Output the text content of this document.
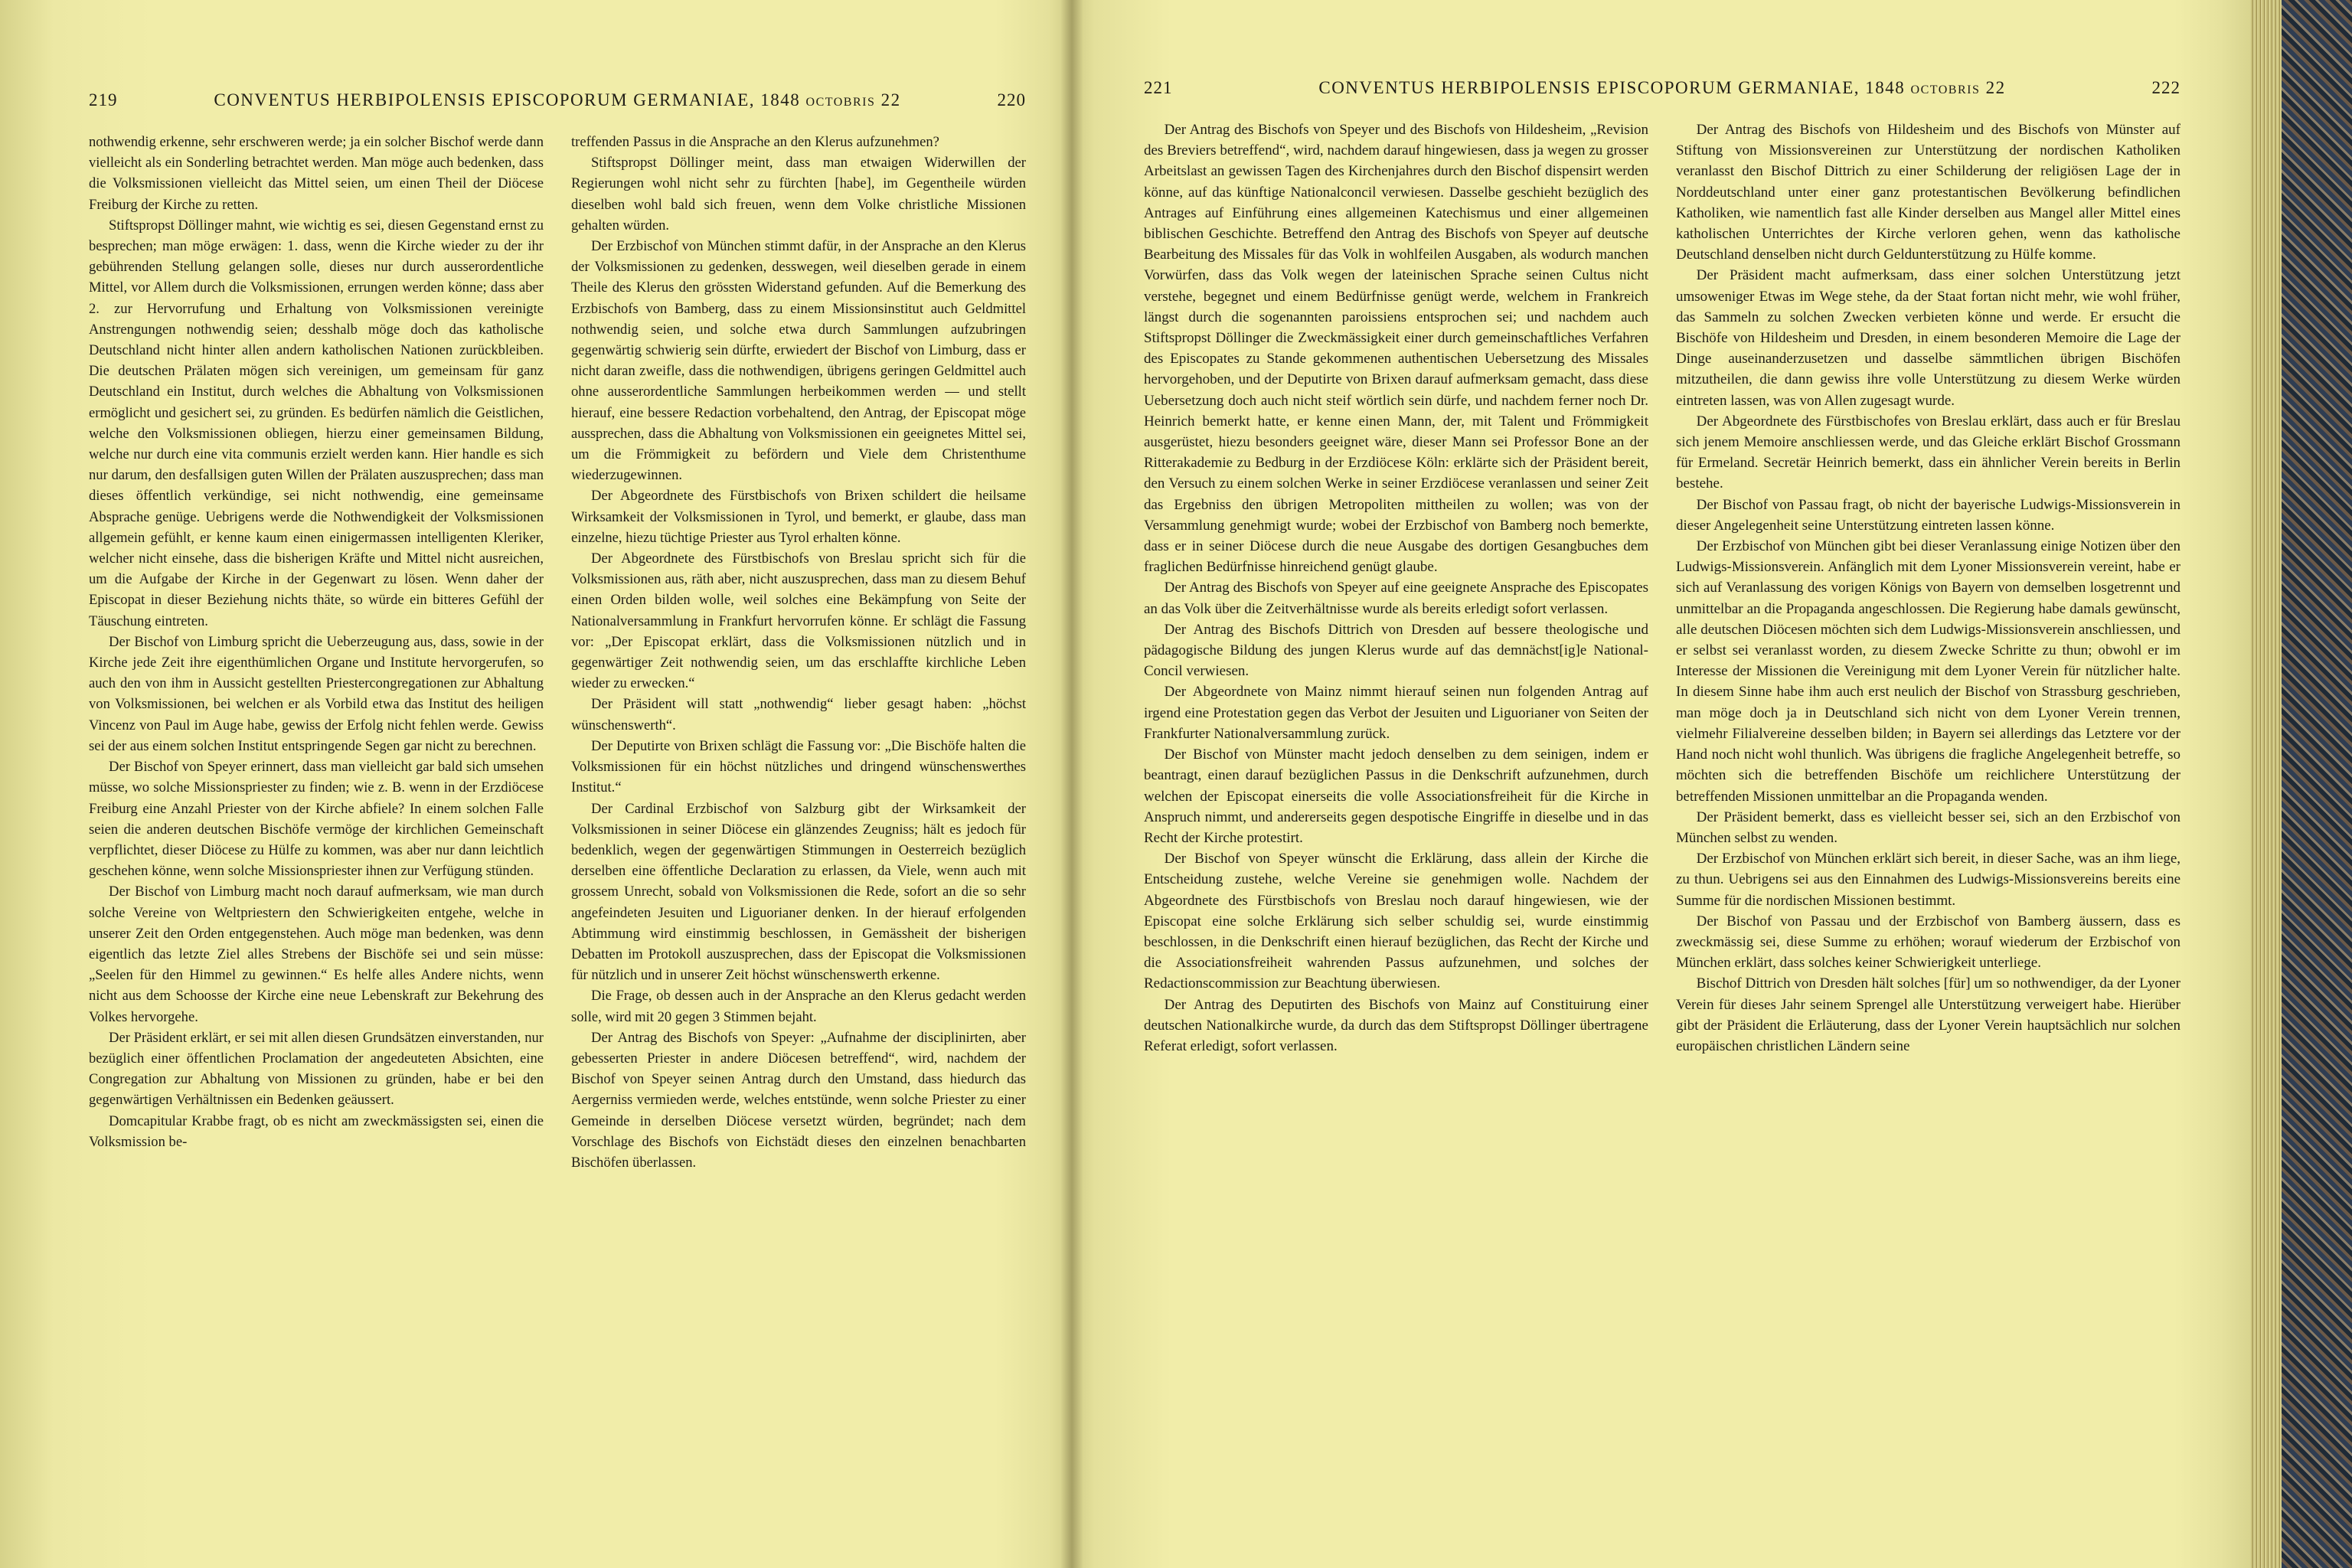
219	CONVENTUS HERBIPOLENSIS EPISCOPORUM GERMANIAE, 1848 octobris 22	220

nothwendig erkenne, sehr erschweren werde; ja ein solcher Bischof werde dann vielleicht als ein Sonderling betrachtet werden. Man möge auch bedenken, dass die Volksmissionen vielleicht das Mittel seien, um einen Theil der Diöcese Freiburg der Kirche zu retten.

Stiftspropst Döllinger mahnt, wie wichtig es sei, diesen Gegenstand ernst zu besprechen; man möge erwägen: 1. dass, wenn die Kirche wieder zu der ihr gebührenden Stellung gelangen solle, dieses nur durch ausserordentliche Mittel, vor Allem durch die Volksmissionen, errungen werden könne; dass aber 2. zur Hervorrufung und Erhaltung von Volksmissionen vereinigte Anstrengungen nothwendig seien; desshalb möge doch das katholische Deutschland nicht hinter allen andern katholischen Nationen zurückbleiben. Die deutschen Prälaten mögen sich vereinigen, um gemeinsam für ganz Deutschland ein Institut, durch welches die Abhaltung von Volksmissionen ermöglicht und gesichert sei, zu gründen. Es bedürfen nämlich die Geistlichen, welche den Volksmissionen obliegen, hierzu einer gemeinsamen Bildung, welche nur durch eine vita communis erzielt werden kann. Hier handle es sich nur darum, den desfallsigen guten Willen der Prälaten auszusprechen; dass man dieses öffentlich verkündige, sei nicht nothwendig, eine gemeinsame Absprache genüge. Uebrigens werde die Nothwendigkeit der Volksmissionen allgemein gefühlt, er kenne kaum einen einigermassen intelligenten Kleriker, welcher nicht einsehe, dass die bisherigen Kräfte und Mittel nicht ausreichen, um die Aufgabe der Kirche in der Gegenwart zu lösen. Wenn daher der Episcopat in dieser Beziehung nichts thäte, so würde ein bitteres Gefühl der Täuschung eintreten.

Der Bischof von Limburg spricht die Ueberzeugung aus, dass, sowie in der Kirche jede Zeit ihre eigenthümlichen Organe und Institute hervorgerufen, so auch den von ihm in Aussicht gestellten Priestercongregationen zur Abhaltung von Volksmissionen, bei welchen er als Vorbild etwa das Institut des heiligen Vincenz von Paul im Auge habe, gewiss der Erfolg nicht fehlen werde. Gewiss sei der aus einem solchen Institut entspringende Segen gar nicht zu berechnen.

Der Bischof von Speyer erinnert, dass man vielleicht gar bald sich umsehen müsse, wo solche Missionspriester zu finden; wie z. B. wenn in der Erzdiöcese Freiburg eine Anzahl Priester von der Kirche abfiele? In einem solchen Falle seien die anderen deutschen Bischöfe vermöge der kirchlichen Gemeinschaft verpflichtet, dieser Diöcese zu Hülfe zu kommen, was aber nur dann leichtlich geschehen könne, wenn solche Missionspriester ihnen zur Verfügung stünden.

Der Bischof von Limburg macht noch darauf aufmerksam, wie man durch solche Vereine von Weltpriestern den Schwierigkeiten entgehe, welche in unserer Zeit den Orden entgegenstehen. Auch möge man bedenken, was denn eigentlich das letzte Ziel alles Strebens der Bischöfe sei und sein müsse: „Seelen für den Himmel zu gewinnen.“ Es helfe alles Andere nichts, wenn nicht aus dem Schoosse der Kirche eine neue Lebenskraft zur Bekehrung des Volkes hervorgehe.

Der Präsident erklärt, er sei mit allen diesen Grundsätzen einverstanden, nur bezüglich einer öffentlichen Proclamation der angedeuteten Absichten, eine Congregation zur Abhaltung von Missionen zu gründen, habe er bei den gegenwärtigen Verhältnissen ein Bedenken geäussert.

Domcapitular Krabbe fragt, ob es nicht am zweckmässigsten sei, einen die Volksmission be-

treffenden Passus in die Ansprache an den Klerus aufzunehmen?

Stiftspropst Döllinger meint, dass man etwaigen Widerwillen der Regierungen wohl nicht sehr zu fürchten [habe], im Gegentheile würden dieselben wohl bald sich freuen, wenn dem Volke christliche Missionen gehalten würden.

Der Erzbischof von München stimmt dafür, in der Ansprache an den Klerus der Volksmissionen zu gedenken, desswegen, weil dieselben gerade in einem Theile des Klerus den grössten Widerstand gefunden. Auf die Bemerkung des Erzbischofs von Bamberg, dass zu einem Missionsinstitut auch Geldmittel nothwendig seien, und solche etwa durch Sammlungen aufzubringen gegenwärtig schwierig sein dürfte, erwiedert der Bischof von Limburg, dass er nicht daran zweifle, dass die nothwendigen, übrigens geringen Geldmittel auch ohne ausserordentliche Sammlungen herbeikommen werden — und stellt hierauf, eine bessere Redaction vorbehaltend, den Antrag, der Episcopat möge aussprechen, dass die Abhaltung von Volksmissionen ein geeignetes Mittel sei, um die Frömmigkeit zu befördern und Viele dem Christenthume wiederzugewinnen.

Der Abgeordnete des Fürstbischofs von Brixen schildert die heilsame Wirksamkeit der Volksmissionen in Tyrol, und bemerkt, er glaube, dass man einzelne, hiezu tüchtige Priester aus Tyrol erhalten könne.

Der Abgeordnete des Fürstbischofs von Breslau spricht sich für die Volksmissionen aus, räth aber, nicht auszusprechen, dass man zu diesem Behuf einen Orden bilden wolle, weil solches eine Bekämpfung von Seite der Nationalversammlung in Frankfurt hervorrufen könne. Er schlägt die Fassung vor: „Der Episcopat erklärt, dass die Volksmissionen nützlich und in gegenwärtiger Zeit nothwendig seien, um das erschlaffte kirchliche Leben wieder zu erwecken.“

Der Präsident will statt „nothwendig“ lieber gesagt haben: „höchst wünschenswerth“.

Der Deputirte von Brixen schlägt die Fassung vor: „Die Bischöfe halten die Volksmissionen für ein höchst nützliches und dringend wünschenswerthes Institut.“

Der Cardinal Erzbischof von Salzburg gibt der Wirksamkeit der Volksmissionen in seiner Diöcese ein glänzendes Zeugniss; hält es jedoch für bedenklich, wegen der gegenwärtigen Stimmungen in Oesterreich bezüglich derselben eine öffentliche Declaration zu erlassen, da Viele, wenn auch mit grossem Unrecht, sobald von Volksmissionen die Rede, sofort an die so sehr angefeindeten Jesuiten und Liguorianer denken. In der hierauf erfolgenden Abtimmung wird einstimmig beschlossen, in Gemässheit der bisherigen Debatten im Protokoll auszusprechen, dass der Episcopat die Volksmissionen für nützlich und in unserer Zeit höchst wünschenswerth erkenne.

Die Frage, ob dessen auch in der Ansprache an den Klerus gedacht werden solle, wird mit 20 gegen 3 Stimmen bejaht.

Der Antrag des Bischofs von Speyer: „Aufnahme der disciplinirten, aber gebesserten Priester in andere Diöcesen betreffend“, wird, nachdem der Bischof von Speyer seinen Antrag durch den Umstand, dass hiedurch das Aergerniss vermieden werde, welches entstünde, wenn solche Priester zu einer Gemeinde in derselben Diöcese versetzt würden, begründet; nach dem Vorschlage des Bischofs von Eichstädt dieses den einzelnen benachbarten Bischöfen überlassen.

221	CONVENTUS HERBIPOLENSIS EPISCOPORUM GERMANIAE, 1848 octobris 22	222

Der Antrag des Bischofs von Speyer und des Bischofs von Hildesheim, „Revision des Breviers betreffend“, wird, nachdem darauf hingewiesen, dass ja wegen zu grosser Arbeitslast an gewissen Tagen des Kirchenjahres durch den Bischof dispensirt werden könne, auf das künftige Nationalconcil verwiesen. Dasselbe geschieht bezüglich des Antrages auf Einführung eines allgemeinen Katechismus und einer allgemeinen biblischen Geschichte. Betreffend den Antrag des Bischofs von Speyer auf deutsche Bearbeitung des Missales für das Volk in wohlfeilen Ausgaben, als wodurch manchen Vorwürfen, dass das Volk wegen der lateinischen Sprache seinen Cultus nicht verstehe, begegnet und einem Bedürfnisse genügt werde, welchem in Frankreich längst durch die sogenannten paroissiens entsprochen sei; und nachdem auch Stiftspropst Döllinger die Zweckmässigkeit einer durch gemeinschaftliches Verfahren des Episcopates zu Stande gekommenen authentischen Uebersetzung des Missales hervorgehoben, und der Deputirte von Brixen darauf aufmerksam gemacht, dass diese Uebersetzung doch auch nicht steif wörtlich sein dürfe, und nachdem ferner noch Dr. Heinrich bemerkt hatte, er kenne einen Mann, der, mit Talent und Frömmigkeit ausgerüstet, hiezu besonders geeignet wäre, dieser Mann sei Professor Bone an der Ritterakademie zu Bedburg in der Erzdiöcese Köln: erklärte sich der Präsident bereit, den Versuch zu einem solchen Werke in seiner Erzdiöcese veranlassen und seiner Zeit das Ergebniss den übrigen Metropoliten mittheilen zu wollen; was von der Versammlung genehmigt wurde; wobei der Erzbischof von Bamberg noch bemerkte, dass er in seiner Diöcese durch die neue Ausgabe des dortigen Gesangbuches dem fraglichen Bedürfnisse hinreichend genügt glaube.

Der Antrag des Bischofs von Speyer auf eine geeignete Ansprache des Episcopates an das Volk über die Zeitverhältnisse wurde als bereits erledigt sofort verlassen.

Der Antrag des Bischofs Dittrich von Dresden auf bessere theologische und pädagogische Bildung des jungen Klerus wurde auf das demnächst[ig]e National-Concil verwiesen.

Der Abgeordnete von Mainz nimmt hierauf seinen nun folgenden Antrag auf irgend eine Protestation gegen das Verbot der Jesuiten und Liguorianer von Seiten der Frankfurter Nationalversammlung zurück.

Der Bischof von Münster macht jedoch denselben zu dem seinigen, indem er beantragt, einen darauf bezüglichen Passus in die Denkschrift aufzunehmen, durch welchen der Episcopat einerseits die volle Associationsfreiheit für die Kirche in Anspruch nimmt, und andererseits gegen despotische Eingriffe in dieselbe und in das Recht der Kirche protestirt.

Der Bischof von Speyer wünscht die Erklärung, dass allein der Kirche die Entscheidung zustehe, welche Vereine sie genehmigen wolle. Nachdem der Abgeordnete des Fürstbischofs von Breslau noch darauf hingewiesen, wie der Episcopat eine solche Erklärung sich selber schuldig sei, wurde einstimmig beschlossen, in die Denkschrift einen hierauf bezüglichen, das Recht der Kirche und die Associationsfreiheit wahrenden Passus aufzunehmen, und solches der Redactionscommission zur Beachtung überwiesen.

Der Antrag des Deputirten des Bischofs von Mainz auf Constituirung einer deutschen Nationalkirche wurde, da durch das dem Stiftspropst Döllinger übertragene Referat erledigt, sofort verlassen.

Der Antrag des Bischofs von Hildesheim und des Bischofs von Münster auf Stiftung von Missionsvereinen zur Unterstützung der nordischen Katholiken veranlasst den Bischof Dittrich zu einer Schilderung der religiösen Lage der in Norddeutschland unter einer ganz protestantischen Bevölkerung befindlichen Katholiken, wie namentlich fast alle Kinder derselben aus Mangel aller Mittel eines katholischen Unterrichtes der Kirche verloren gehen, wenn das katholische Deutschland denselben nicht durch Geldunterstützung zu Hülfe komme.

Der Präsident macht aufmerksam, dass einer solchen Unterstützung jetzt umsoweniger Etwas im Wege stehe, da der Staat fortan nicht mehr, wie wohl früher, das Sammeln zu solchen Zwecken verbieten könne und werde. Er ersucht die Bischöfe von Hildesheim und Dresden, in einem besonderen Memoire die Lage der Dinge auseinanderzusetzen und dasselbe sämmtlichen übrigen Bischöfen mitzutheilen, die dann gewiss ihre volle Unterstützung zu diesem Werke würden eintreten lassen, was von Allen zugesagt wurde.

Der Abgeordnete des Fürstbischofes von Breslau erklärt, dass auch er für Breslau sich jenem Memoire anschliessen werde, und das Gleiche erklärt Bischof Grossmann für Ermeland. Secretär Heinrich bemerkt, dass ein ähnlicher Verein bereits in Berlin bestehe.

Der Bischof von Passau fragt, ob nicht der bayerische Ludwigs-Missionsverein in dieser Angelegenheit seine Unterstützung eintreten lassen könne.

Der Erzbischof von München gibt bei dieser Veranlassung einige Notizen über den Ludwigs-Missionsverein. Anfänglich mit dem Lyoner Missionsverein vereint, habe er sich auf Veranlassung des vorigen Königs von Bayern von demselben losgetrennt und unmittelbar an die Propaganda angeschlossen. Die Regierung habe damals gewünscht, alle deutschen Diöcesen möchten sich dem Ludwigs-Missionsverein anschliessen, und er selbst sei veranlasst worden, zu diesem Zwecke Schritte zu thun; obwohl er im Interesse der Missionen die Vereinigung mit dem Lyoner Verein für nützlicher halte. In diesem Sinne habe ihm auch erst neulich der Bischof von Strassburg geschrieben, man möge doch ja in Deutschland sich nicht von dem Lyoner Verein trennen, vielmehr Filialvereine desselben bilden; in Bayern sei allerdings das Letztere vor der Hand noch nicht wohl thunlich. Was übrigens die fragliche Angelegenheit betreffe, so möchten sich die betreffenden Bischöfe um reichlichere Unterstützung der betreffenden Missionen unmittelbar an die Propaganda wenden.

Der Präsident bemerkt, dass es vielleicht besser sei, sich an den Erzbischof von München selbst zu wenden.

Der Erzbischof von München erklärt sich bereit, in dieser Sache, was an ihm liege, zu thun. Uebrigens sei aus den Einnahmen des Ludwigs-Missionsvereins bereits eine Summe für die nordischen Missionen bestimmt.

Der Bischof von Passau und der Erzbischof von Bamberg äussern, dass es zweckmässig sei, diese Summe zu erhöhen; worauf wiederum der Erzbischof von München erklärt, dass solches keiner Schwierigkeit unterliege.

Bischof Dittrich von Dresden hält solches [für] um so nothwendiger, da der Lyoner Verein für dieses Jahr seinem Sprengel alle Unterstützung verweigert habe. Hierüber gibt der Präsident die Erläuterung, dass der Lyoner Verein hauptsächlich nur solchen europäischen christlichen Ländern seine
